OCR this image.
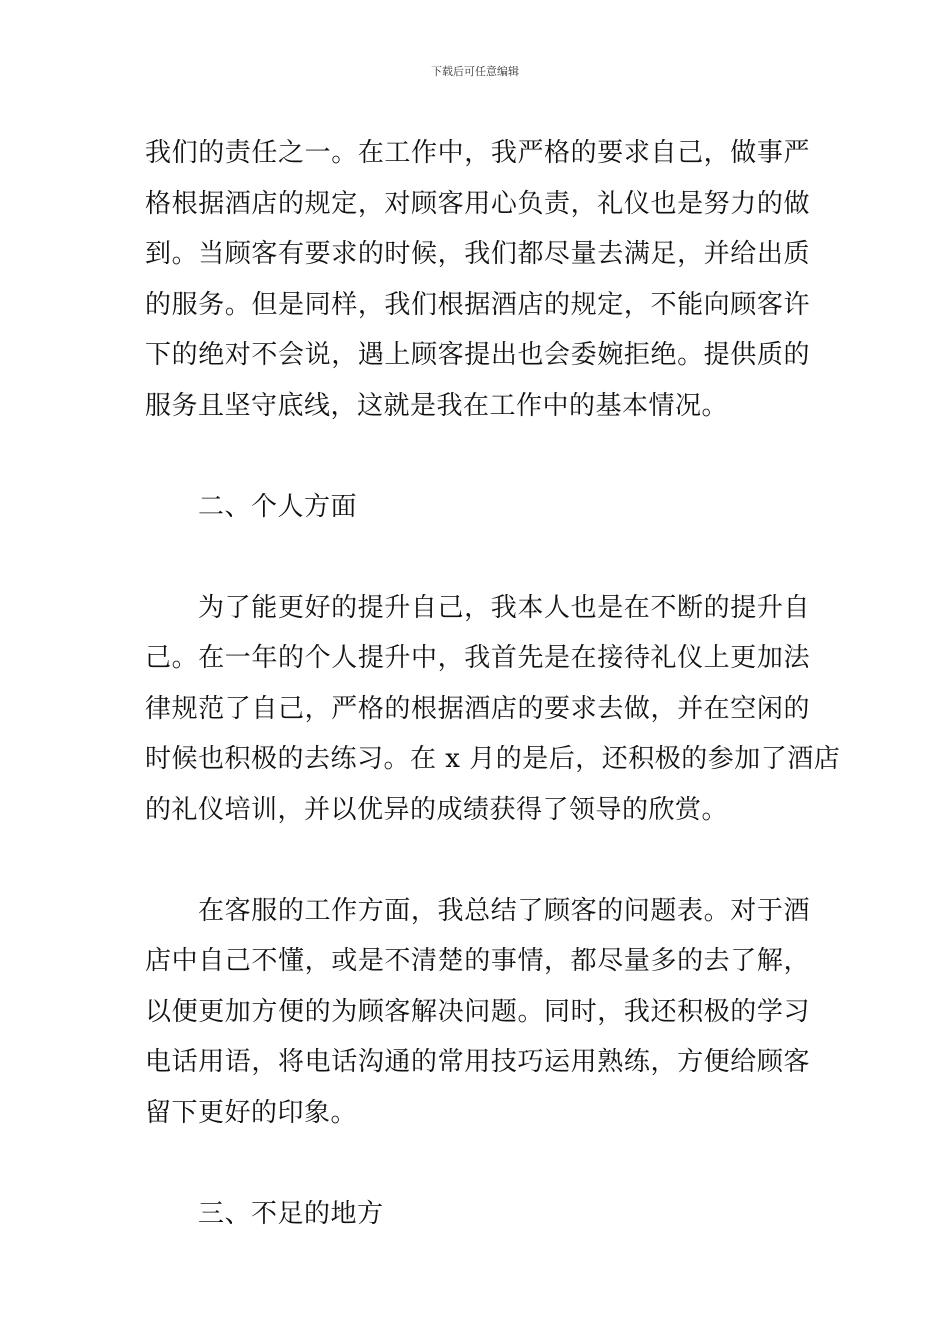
下载后可任意编辑
我们的责任之一。在工作中，我严格的要求自己，做事严
格根据酒店的规定，对顾客用心负责，礼仪也是努力的做
到。当顾客有要求的时候，我们都尽量去满足，并给出质
的服务。但是同样，我们根据酒店的规定，不能向顾客许
下的绝对不会说，遇上顾客提出也会委婉拒绝。提供质的
服务且坚守底线，这就是我在工作中的基本情况。
二、个人方面
为了能更好的提升自己，我本人也是在不断的提升自
己。在一年的个人提升中，我首先是在接待礼仪上更加法
律规范了自己，严格的根据酒店的要求去做，并在空闲的
时候也积极的去练习。在 x 月的是后，还积极的参加了酒店
的礼仪培训，并以优异的成绩获得了领导的欣赏。
在客服的工作方面，我总结了顾客的问题表。对于酒
店中自己不懂，或是不清楚的事情，都尽量多的去了解，
以便更加方便的为顾客解决问题。同时，我还积极的学习
电话用语，将电话沟通的常用技巧运用熟练，方便给顾客
留下更好的印象。
三、不足的地方
